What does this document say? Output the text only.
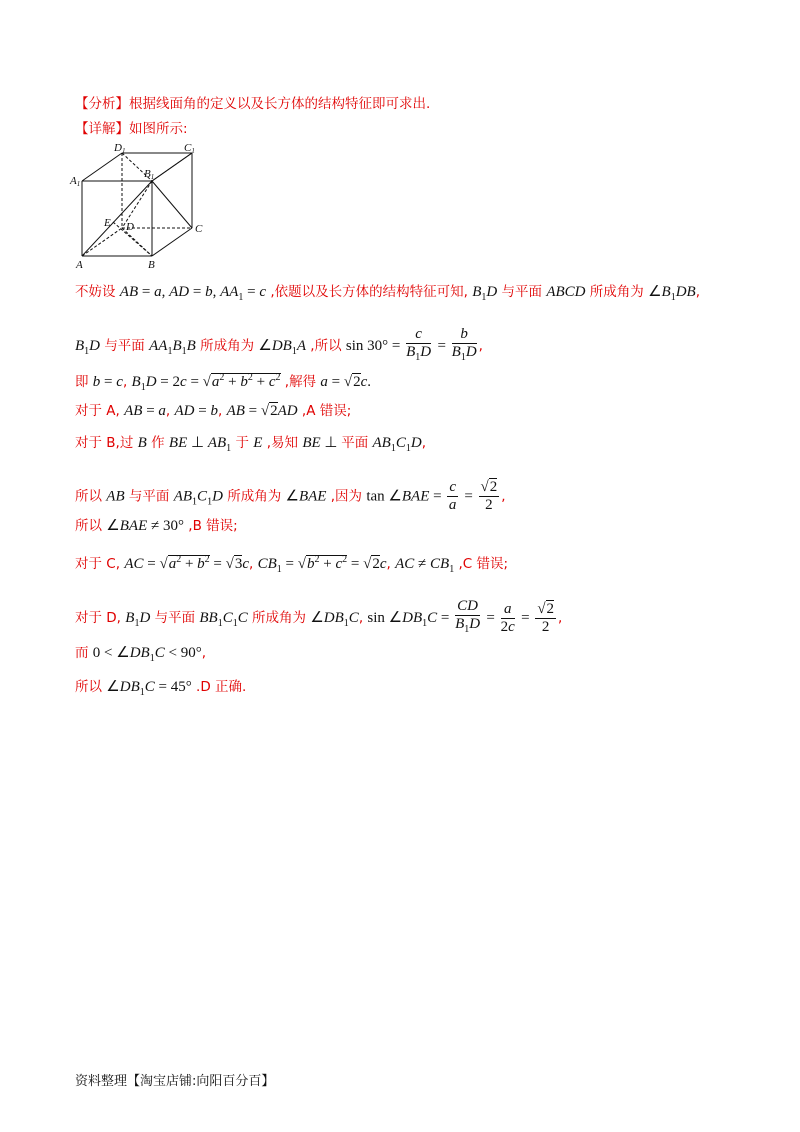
【分析】根据线面角的定义以及长方体的结构特征即可求出.
【详解】如图所示:
D1	C1
A1
B1
E D	C
A	B
不妨设 AB = a, AD = b, $AA_1 = c$ ,依题以及长方体的结构特征可知, $B_1D$ 与平面 ABCD 所成角为 $\angle B_1DB$,
$B_1D$ 与平面 $AA_1B_1B$ 所成角为 $\angle DB_1A$ ,所以 $\sin 30^\circ = \frac{c}{B_1D} = \frac{b}{B_1D}$ ,
即 b = c, $B_1D = 2c = √a^2 + b^2 + c^2$ ,解得 a = √2c.
对于 A, AB = a, AD = b, AB = √2AD ,A 错误;
对于 B,过 B 作 BE ⊥ $AB_1$ 于 E ,易知 BE ⊥ 平面 $AB_1C_1D$,
所以 AB 与平面 $AB_1C_1D$ 所成角为 ∠BAE ,因为 tan ∠BAE = $\frac{c}{a} = \frac{√2}{2}$ ,
所以 ∠BAE ≠ 30° ,B 错误;
对于 C, AC = $√a^2 + b^2 = √3c$, $CB_1 = √b^2 + c^2 = √2c$, AC ≠ $CB_1$ ,C 错误;
对于 D, $B_1D$ 与平面 $BB_1C_1C$ 所成角为 $\angle DB_1C$, $\sin \angle DB_1C = \frac{CD}{B_1D} = \frac{a}{2c} = \frac{√2}{2}$ ,
而 $0 < \angle DB_1C < 90^\circ$,
所以 $\angle DB_1C = 45^\circ$ .D 正确.
资料整理【淘宝店铺:向阳百分百】
